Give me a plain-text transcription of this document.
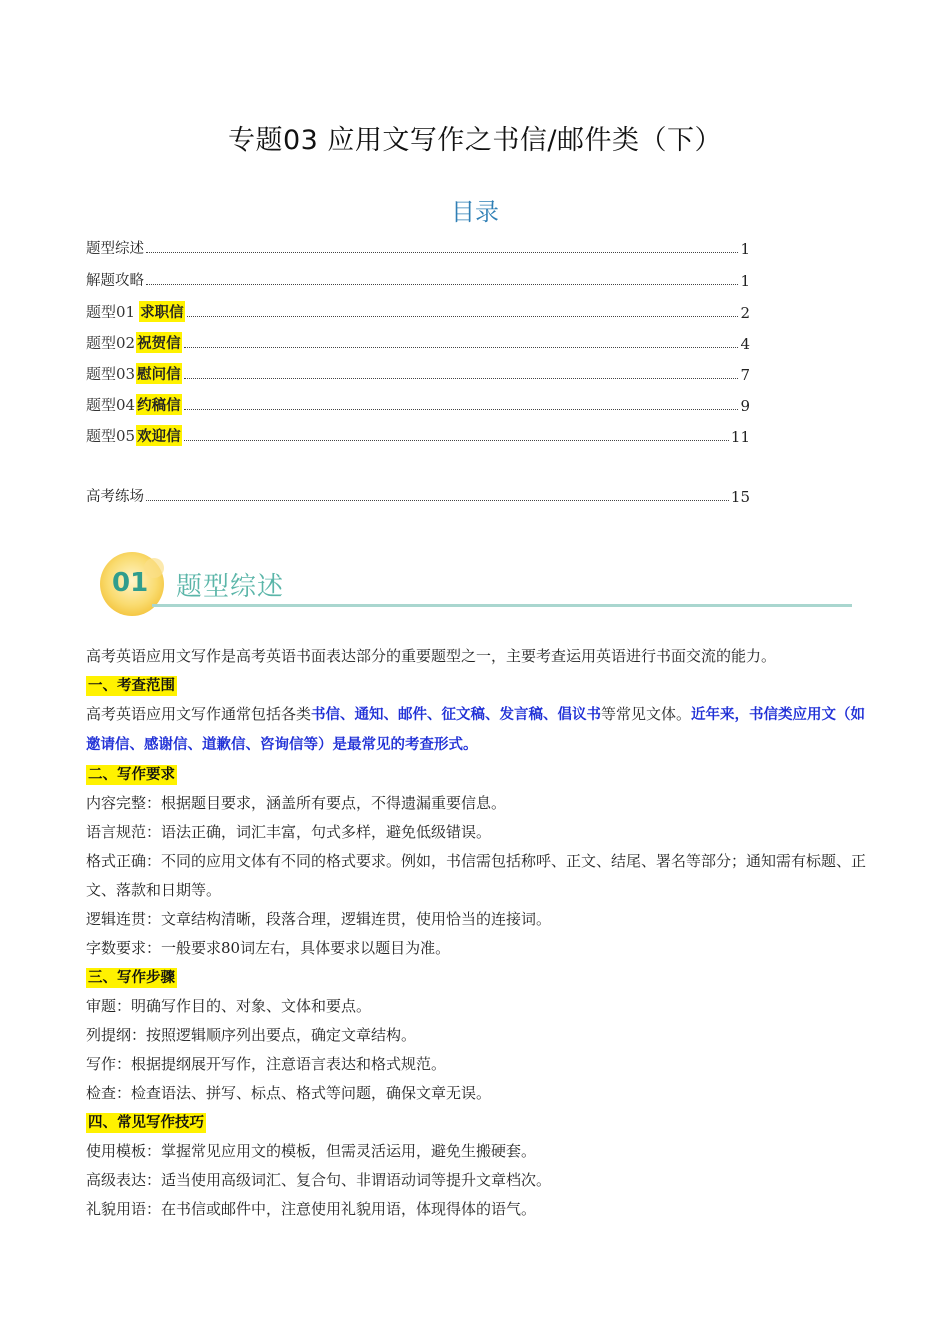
专题03 应用文写作之书信/邮件类（下）
目录
题型综述	1
解题攻略	1
题型01 求职信	2
题型02 祝贺信	4
题型03 慰问信	7
题型04 约稿信	9
题型05 欢迎信	11
高考练场	15
01 题型综述

高考英语应用文写作是高考英语书面表达部分的重要题型之一，主要考查运用英语进行书面交流的能力。

一、考查范围

高考英语应用文写作通常包括各类书信、通知、邮件、征文稿、发言稿、倡议书等常见文体。近年来，书信类应用文（如邀请信、感谢信、道歉信、咨询信等）是最常见的考查形式。

二、写作要求

内容完整：根据题目要求，涵盖所有要点，不得遗漏重要信息。

语言规范：语法正确，词汇丰富，句式多样，避免低级错误。

格式正确：不同的应用文体有不同的格式要求。例如，书信需包括称呼、正文、结尾、署名等部分；通知需有标题、正文、落款和日期等。

逻辑连贯：文章结构清晰，段落合理，逻辑连贯，使用恰当的连接词。

字数要求：一般要求80词左右，具体要求以题目为准。

三、写作步骤

审题：明确写作目的、对象、文体和要点。

列提纲：按照逻辑顺序列出要点，确定文章结构。

写作：根据提纲展开写作，注意语言表达和格式规范。

检查：检查语法、拼写、标点、格式等问题，确保文章无误。

四、常见写作技巧

使用模板：掌握常见应用文的模板，但需灵活运用，避免生搬硬套。

高级表达：适当使用高级词汇、复合句、非谓语动词等提升文章档次。

礼貌用语：在书信或邮件中，注意使用礼貌用语，体现得体的语气。
